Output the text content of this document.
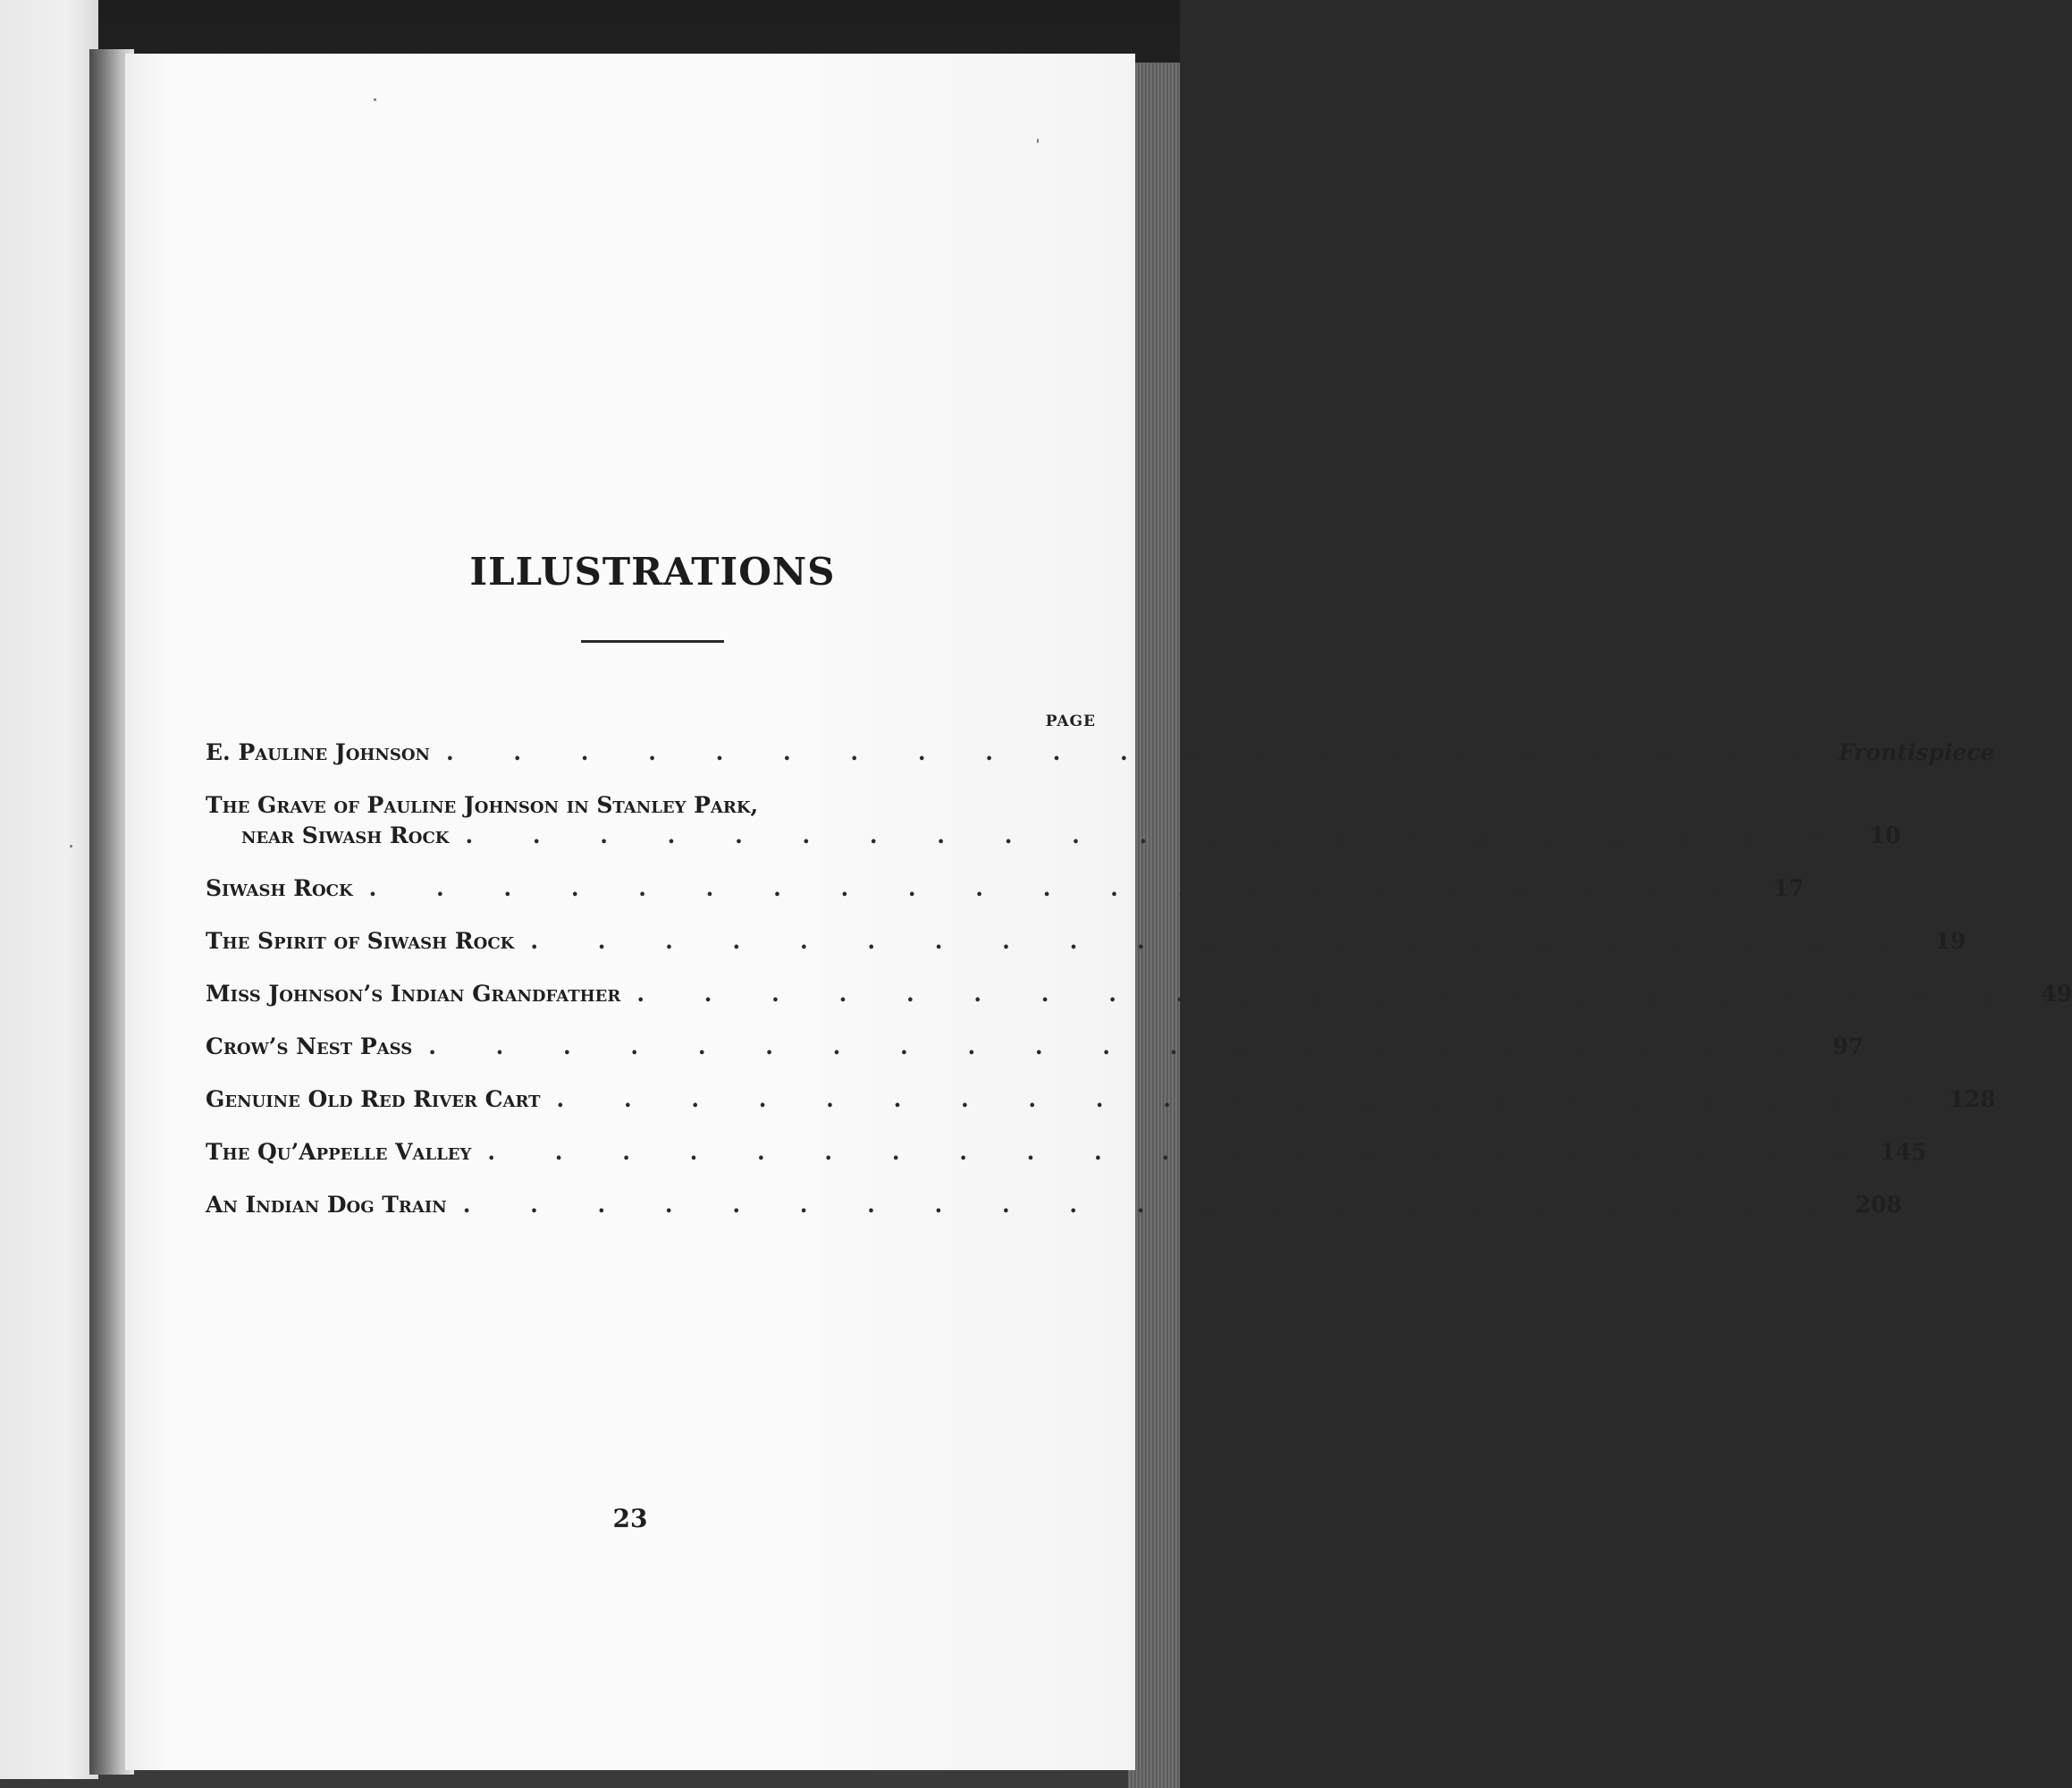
ILLUSTRATIONS
PAGE
E. Pauline Johnson . . . . . . . . . . . . . . . . . . . . . Frontispiece
The Grave of Pauline Johnson in Stanley Park,
near Siwash Rock . . . . . . . . . . . . . . . . . . . . .	10
Siwash Rock . . . . . . . . . . . . . . . . . . . . .	17
The Spirit of Siwash Rock . . . . . . . . . . . . . . . . . . . . .	19
Miss Johnson’s Indian Grandfather . . . . . . . . . . . . . . . . . . . . .	49
Crow’s Nest Pass . . . . . . . . . . . . . . . . . . . . .	97
Genuine Old Red River Cart . . . . . . . . . . . . . . . . . . . . . 128
The Qu’Appelle Valley . . . . . . . . . . . . . . . . . . . . . 145
An Indian Dog Train . . . . . . . . . . . . . . . . . . . . . 208
23
